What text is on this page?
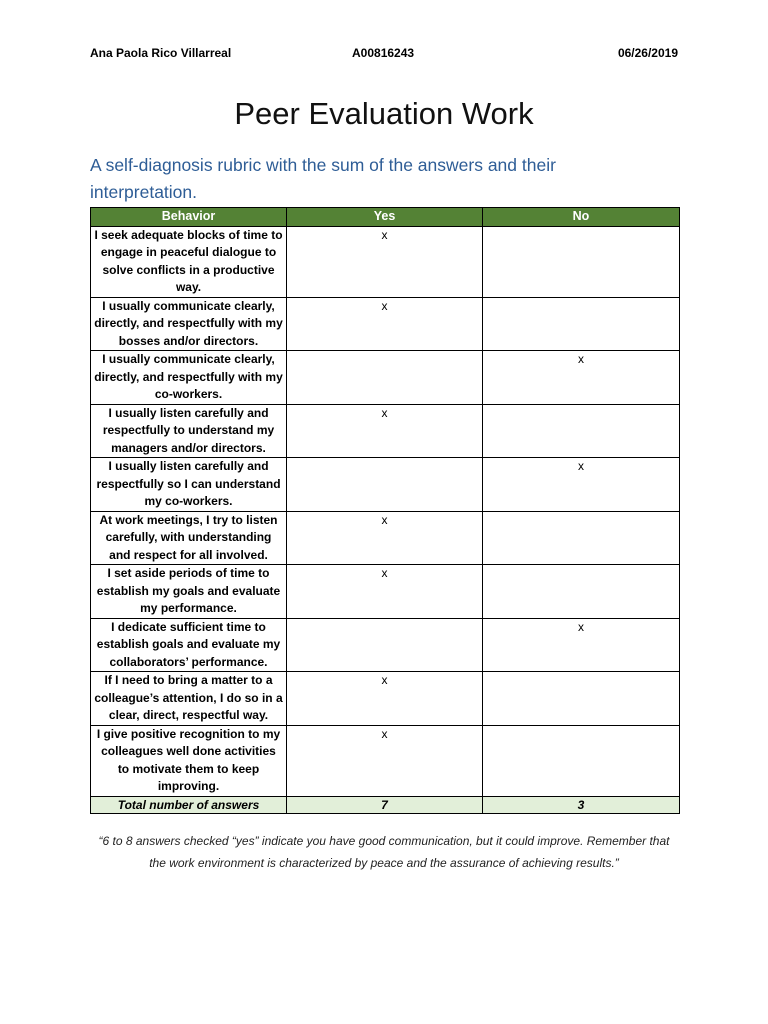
Ana Paola Rico Villarreal	A00816243	06/26/2019
Peer Evaluation Work
A self-diagnosis rubric with the sum of the answers and their interpretation.
Behavior	Yes	No
I seek adequate blocks of time to engage in peaceful dialogue to solve conflicts in a productive way.	x	
I usually communicate clearly, directly, and respectfully with my bosses and/or directors.	x	
I usually communicate clearly, directly, and respectfully with my co-workers.		x
I usually listen carefully and respectfully to understand my managers and/or directors.	x	
I usually listen carefully and respectfully so I can understand my co-workers.		x
At work meetings, I try to listen carefully, with understanding and respect for all involved.	x	
I set aside periods of time to establish my goals and evaluate my performance.	x	
I dedicate sufficient time to establish goals and evaluate my collaborators’ performance.		x
If I need to bring a matter to a colleague’s attention, I do so in a clear, direct, respectful way.	x	
I give positive recognition to my colleagues well done activities to motivate them to keep improving.	x	
Total number of answers	7	3
“6 to 8 answers checked “yes” indicate you have good communication, but it could improve. Remember that the work environment is characterized by peace and the assurance of achieving results.”
